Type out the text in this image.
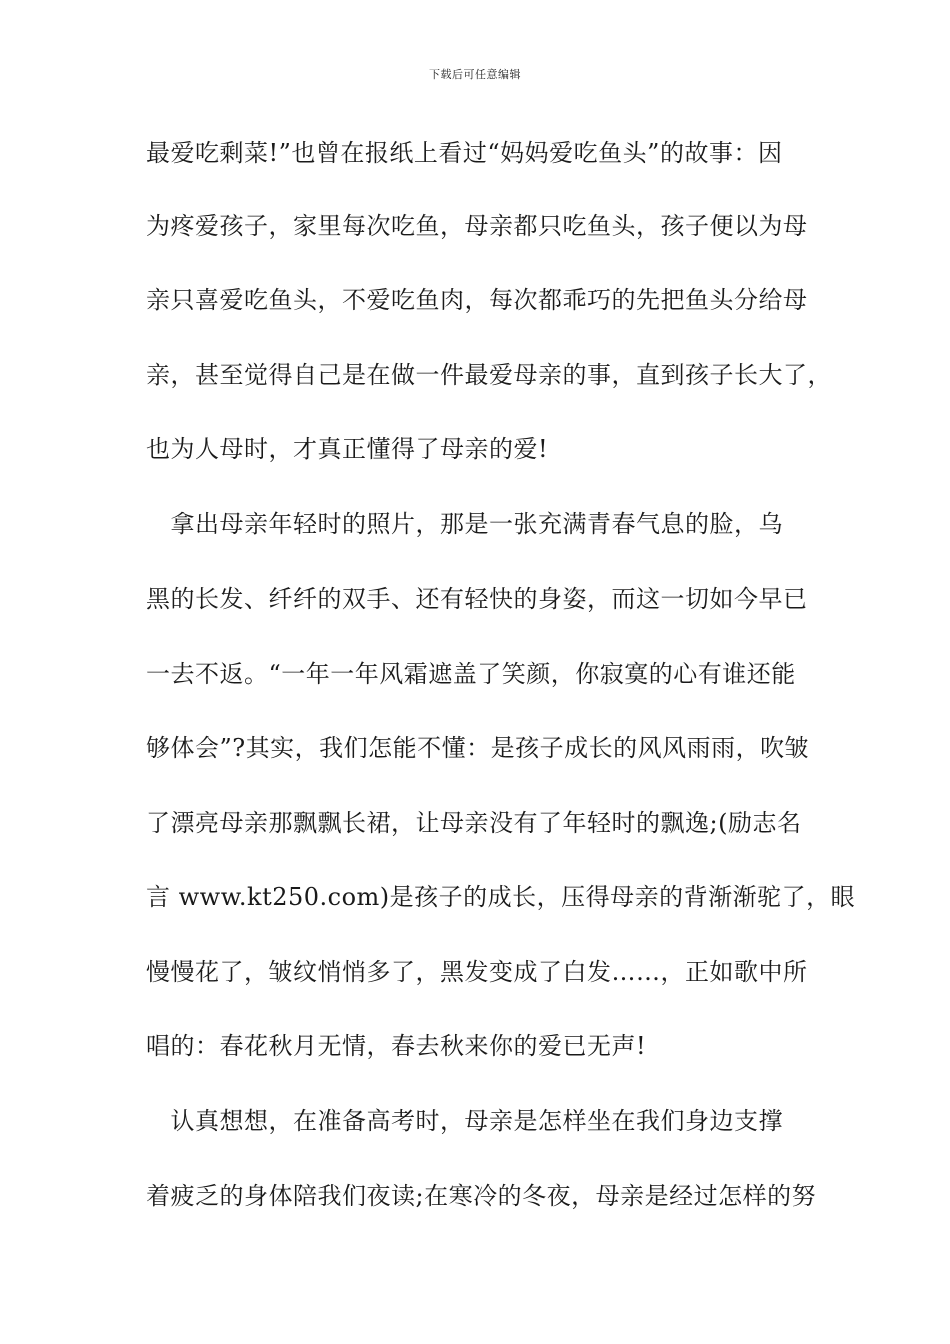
下载后可任意编辑
最爱吃剩菜!”也曾在报纸上看过“妈妈爱吃鱼头”的故事：因
为疼爱孩子，家里每次吃鱼，母亲都只吃鱼头，孩子便以为母
亲只喜爱吃鱼头，不爱吃鱼肉，每次都乖巧的先把鱼头分给母
亲，甚至觉得自己是在做一件最爱母亲的事，直到孩子长大了，
也为人母时，才真正懂得了母亲的爱!
　拿出母亲年轻时的照片，那是一张充满青春气息的脸，乌
黑的长发、纤纤的双手、还有轻快的身姿，而这一切如今早已
一去不返。“一年一年风霜遮盖了笑颜，你寂寞的心有谁还能
够体会”?其实，我们怎能不懂：是孩子成长的风风雨雨，吹皱
了漂亮母亲那飘飘长裙，让母亲没有了年轻时的飘逸;(励志名
言 www.kt250.com)是孩子的成长，压得母亲的背渐渐驼了，眼
慢慢花了，皱纹悄悄多了，黑发变成了白发……，正如歌中所
唱的：春花秋月无情，春去秋来你的爱已无声!
　认真想想，在准备高考时，母亲是怎样坐在我们身边支撑
着疲乏的身体陪我们夜读;在寒冷的冬夜，母亲是经过怎样的努
